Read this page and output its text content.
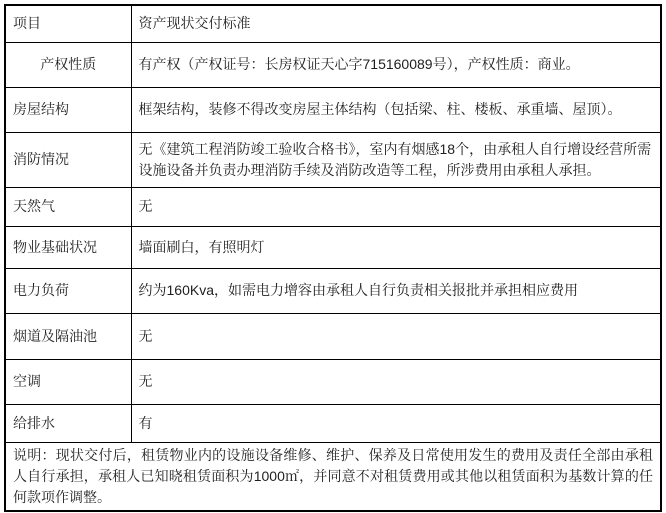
项目	资产现状交付标准
产权性质	有产权（产权证号：长房权证天心字715160089号），产权性质：商业。
房屋结构	框架结构，装修不得改变房屋主体结构（包括梁、柱、楼板、承重墙、屋顶）。
消防情况	无《建筑工程消防竣工验收合格书》，室内有烟感18个，由承租人自行增设经营所需设施设备并负责办理消防手续及消防改造等工程，所涉费用由承租人承担。
天然气	无
物业基础状况	墙面刷白，有照明灯
电力负荷	约为160Kva，如需电力增容由承租人自行负责相关报批并承担相应费用
烟道及隔油池	无
空调	无
给排水	有
说明：现状交付后，租赁物业内的设施设备维修、维护、保养及日常使用发生的费用及责任全部由承租人自行承担，承租人已知晓租赁面积为1000㎡，并同意不对租赁费用或其他以租赁面积为基数计算的任何款项作调整。	
